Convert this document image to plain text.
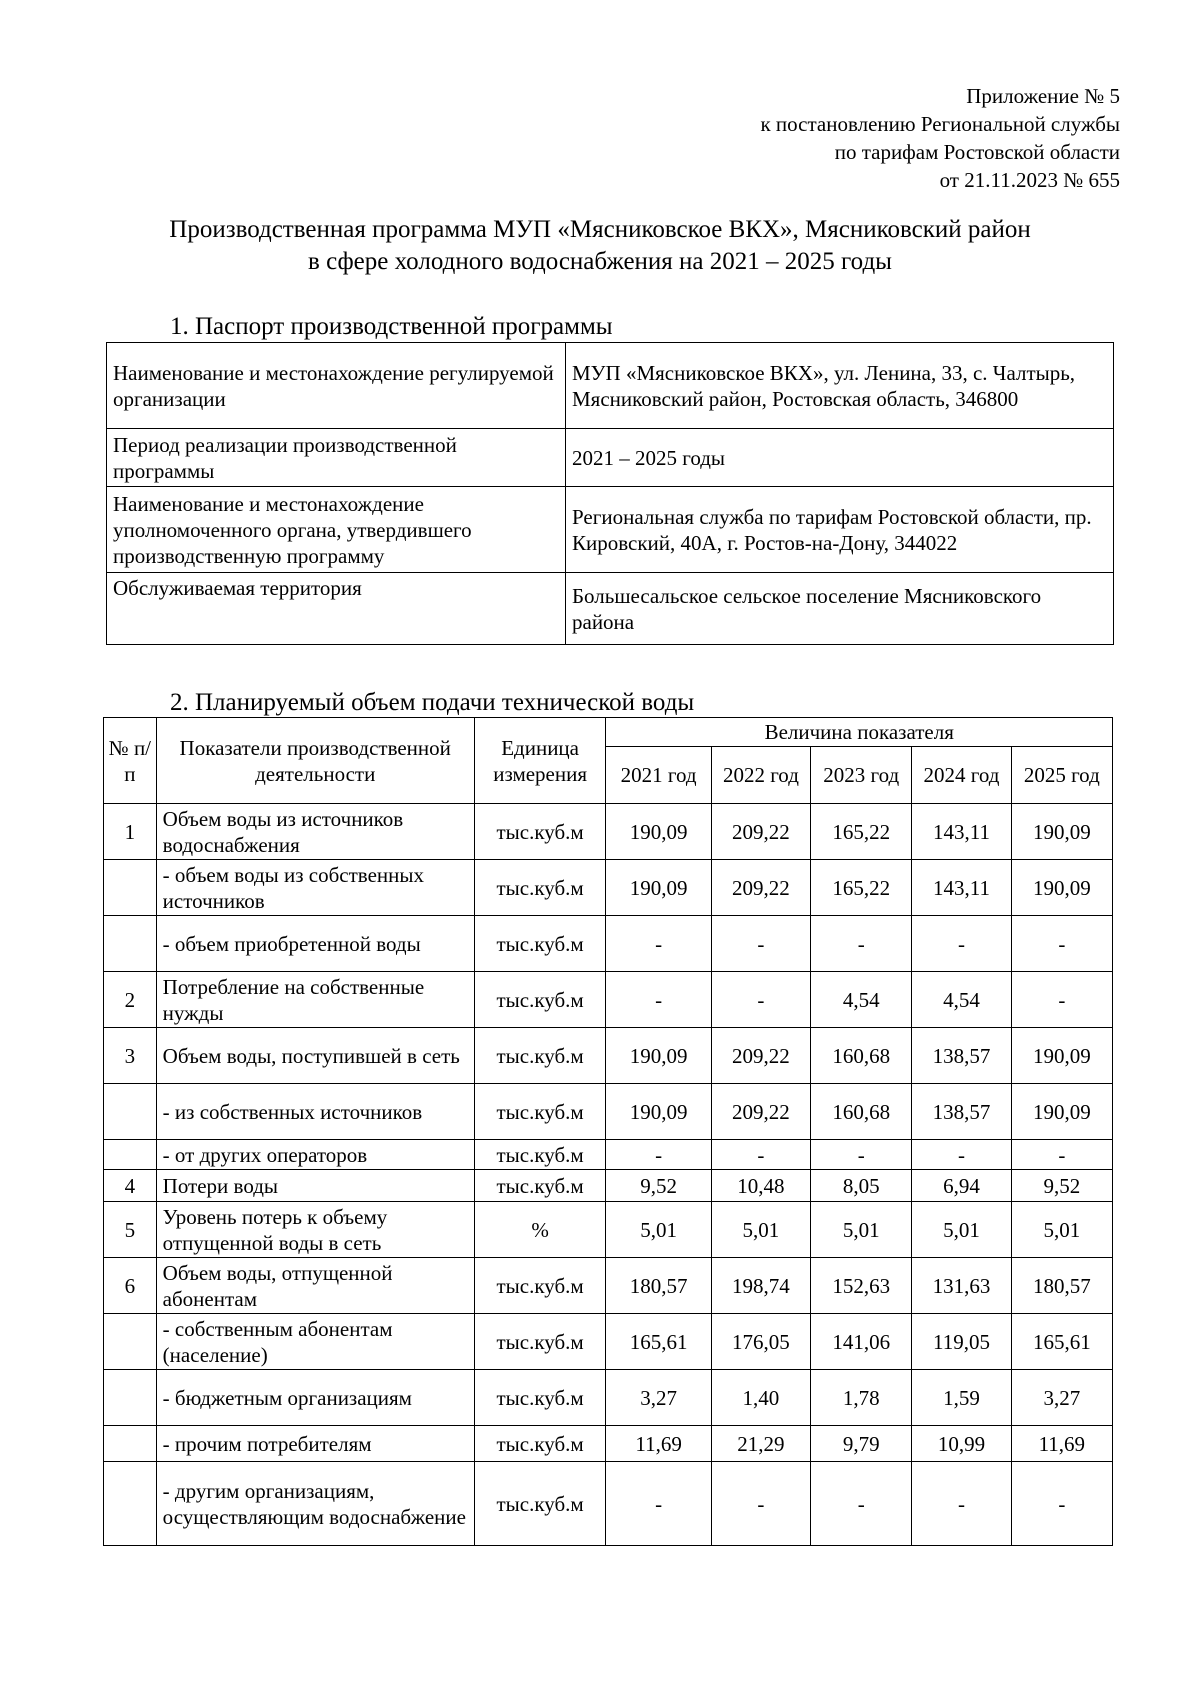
Приложение № 5
к постановлению Региональной службы
по тарифам Ростовской области
от 21.11.2023 № 655
Производственная программа МУП «Мясниковское ВКХ», Мясниковский район
в сфере холодного водоснабжения на 2021 – 2025 годы
1. Паспорт производственной программы
Наименование и местонахождение регулируемой организации	МУП «Мясниковское ВКХ», ул. Ленина, 33, с. Чалтырь, Мясниковский район, Ростовская область, 346800
Период реализации производственной программы	2021 – 2025 годы
Наименование и местонахождение уполномоченного органа, утвердившего производственную программу	Региональная служба по тарифам Ростовской области, пр. Кировский, 40А, г. Ростов-на-Дону, 344022
Обслуживаемая территория	Большесальское сельское поселение Мясниковского района
2. Планируемый объем подачи технической воды
№ п/п	Показатели производственной деятельности	Единица измерения	Величина показателя				
			2021 год	2022 год	2023 год	2024 год	2025 год
1	Объем воды из источников водоснабжения	тыс.куб.м	190,09	209,22	165,22	143,11	190,09
	- объем воды из собственных источников	тыс.куб.м	190,09	209,22	165,22	143,11	190,09
	- объем приобретенной воды	тыс.куб.м	-	-	-	-	-
2	Потребление на собственные нужды	тыс.куб.м	-	-	4,54	4,54	-
3	Объем воды, поступившей в сеть	тыс.куб.м	190,09	209,22	160,68	138,57	190,09
	- из собственных источников	тыс.куб.м	190,09	209,22	160,68	138,57	190,09
	- от других операторов	тыс.куб.м	-	-	-	-	-
4	Потери воды	тыс.куб.м	9,52	10,48	8,05	6,94	9,52
5	Уровень потерь к объему отпущенной воды в сеть	%	5,01	5,01	5,01	5,01	5,01
6	Объем воды, отпущенной абонентам	тыс.куб.м	180,57	198,74	152,63	131,63	180,57
	- собственным абонентам (население)	тыс.куб.м	165,61	176,05	141,06	119,05	165,61
	- бюджетным организациям	тыс.куб.м	3,27	1,40	1,78	1,59	3,27
	- прочим потребителям	тыс.куб.м	11,69	21,29	9,79	10,99	11,69
	- другим организациям, осуществляющим водоснабжение	тыс.куб.м	-	-	-	-	-
